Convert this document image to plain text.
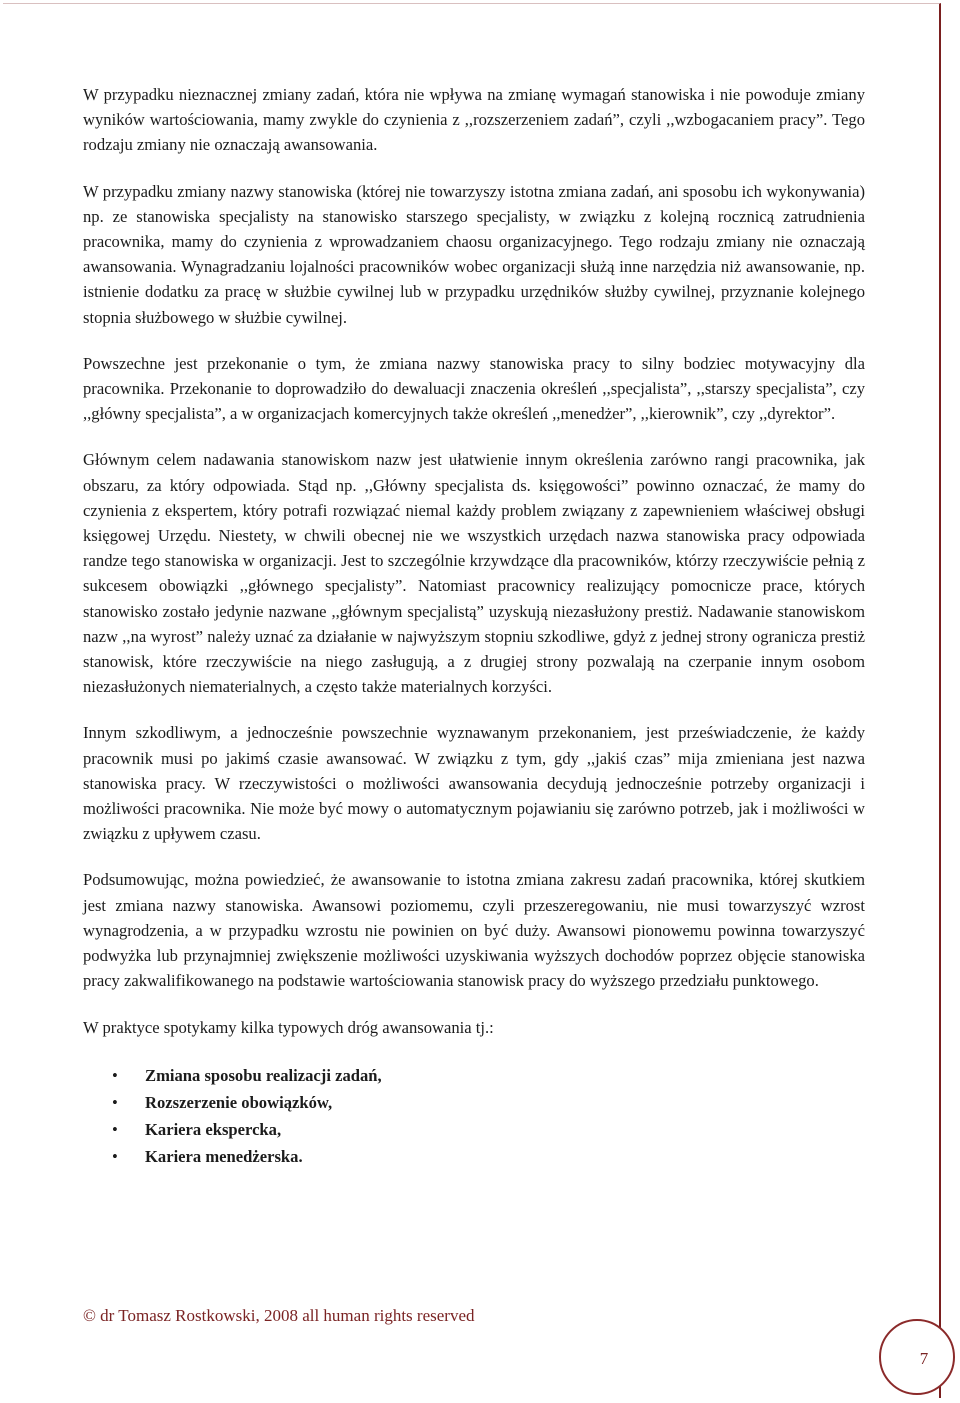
W przypadku nieznacznej zmiany zadań, która nie wpływa na zmianę wymagań stanowiska i nie powoduje zmiany wyników wartościowania, mamy zwykle do czynienia z ,,rozszerzeniem zadań”, czyli ,,wzbogacaniem pracy”. Tego rodzaju zmiany nie oznaczają awansowania.

W przypadku zmiany nazwy stanowiska (której nie towarzyszy istotna zmiana zadań, ani sposobu ich wykonywania) np. ze stanowiska specjalisty na stanowisko starszego specjalisty, w związku z kolejną rocznicą zatrudnienia pracownika, mamy do czynienia z wprowadzaniem chaosu organizacyjnego. Tego rodzaju zmiany nie oznaczają awansowania. Wynagradzaniu lojalności pracowników wobec organizacji służą inne narzędzia niż awansowanie, np. istnienie dodatku za pracę w służbie cywilnej lub w przypadku urzędników służby cywilnej, przyznanie kolejnego stopnia służbowego w służbie cywilnej.

Powszechne jest przekonanie o tym, że zmiana nazwy stanowiska pracy to silny bodziec motywacyjny dla pracownika. Przekonanie to doprowadziło do dewaluacji znaczenia określeń ,,specjalista”, ,,starszy specjalista”, czy ,,główny specjalista”, a w organizacjach komercyjnych także określeń ,,menedżer”, ,,kierownik”, czy ,,dyrektor”.

Głównym celem nadawania stanowiskom nazw jest ułatwienie innym określenia zarówno rangi pracownika, jak obszaru, za który odpowiada. Stąd np. ,,Główny specjalista ds. księgowości” powinno oznaczać, że mamy do czynienia z ekspertem, który potrafi rozwiązać niemal każdy problem związany z zapewnieniem właściwej obsługi księgowej Urzędu. Niestety, w chwili obecnej nie we wszystkich urzędach nazwa stanowiska pracy odpowiada randze tego stanowiska w organizacji. Jest to szczególnie krzywdzące dla pracowników, którzy rzeczywiście pełnią z sukcesem obowiązki ,,głównego specjalisty”. Natomiast pracownicy realizujący pomocnicze prace, których stanowisko zostało jedynie nazwane ,,głównym specjalistą” uzyskują niezasłużony prestiż. Nadawanie stanowiskom nazw ,,na wyrost” należy uznać za działanie w najwyższym stopniu szkodliwe, gdyż z jednej strony ogranicza prestiż stanowisk, które rzeczywiście na niego zasługują, a z drugiej strony pozwalają na czerpanie innym osobom niezasłużonych niematerialnych, a często także materialnych korzyści.

Innym szkodliwym, a jednocześnie powszechnie wyznawanym przekonaniem, jest przeświadczenie, że każdy pracownik musi po jakimś czasie awansować. W związku z tym, gdy ,,jakiś czas” mija zmieniana jest nazwa stanowiska pracy. W rzeczywistości o możliwości awansowania decydują jednocześnie potrzeby organizacji i możliwości pracownika. Nie może być mowy o automatycznym pojawianiu się zarówno potrzeb, jak i możliwości w związku z upływem czasu.

Podsumowując, można powiedzieć, że awansowanie to istotna zmiana zakresu zadań pracownika, której skutkiem jest zmiana nazwy stanowiska. Awansowi poziomemu, czyli przeszeregowaniu, nie musi towarzyszyć wzrost wynagrodzenia, a w przypadku wzrostu nie powinien on być duży. Awansowi pionowemu powinna towarzyszyć podwyżka lub przynajmniej zwiększenie możliwości uzyskiwania wyższych dochodów poprzez objęcie stanowiska pracy zakwalifikowanego na podstawie wartościowania stanowisk pracy do wyższego przedziału punktowego.

W praktyce spotykamy kilka typowych dróg awansowania tj.:

• Zmiana sposobu realizacji zadań,
• Rozszerzenie obowiązków,
• Kariera ekspercka,
• Kariera menedżerska.
© dr Tomasz Rostkowski, 2008 all human rights reserved
7
